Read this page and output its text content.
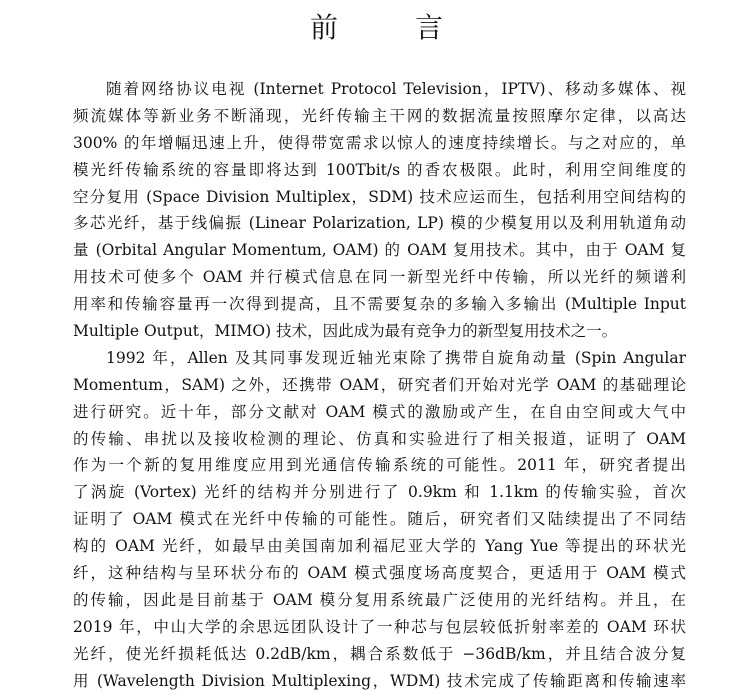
前 言
随着网络协议电视 (Internet Protocol Television，IPTV)、移动多媒体、视
频流媒体等新业务不断涌现，光纤传输主干网的数据流量按照摩尔定律，以高达
300% 的年增幅迅速上升，使得带宽需求以惊人的速度持续增长。与之对应的，单
模光纤传输系统的容量即将达到 100Tbit/s 的香农极限。此时，利用空间维度的
空分复用 (Space Division Multiplex，SDM) 技术应运而生，包括利用空间结构的
多芯光纤，基于线偏振 (Linear Polarization, LP) 模的少模复用以及利用轨道角动
量 (Orbital Angular Momentum, OAM) 的 OAM 复用技术。其中，由于 OAM 复
用技术可使多个 OAM 并行模式信息在同一新型光纤中传输，所以光纤的频谱利
用率和传输容量再一次得到提高，且不需要复杂的多输入多输出 (Multiple Input
Multiple Output，MIMO) 技术，因此成为最有竞争力的新型复用技术之一。
1992 年，Allen 及其同事发现近轴光束除了携带自旋角动量 (Spin Angular
Momentum，SAM) 之外，还携带 OAM，研究者们开始对光学 OAM 的基础理论
进行研究。近十年，部分文献对 OAM 模式的激励或产生，在自由空间或大气中
的传输、串扰以及接收检测的理论、仿真和实验进行了相关报道，证明了 OAM
作为一个新的复用维度应用到光通信传输系统的可能性。2011 年，研究者提出
了涡旋 (Vortex) 光纤的结构并分别进行了 0.9km 和 1.1km 的传输实验，首次
证明了 OAM 模式在光纤中传输的可能性。随后，研究者们又陆续提出了不同结
构的 OAM 光纤，如最早由美国南加利福尼亚大学的 Yang Yue 等提出的环状光
纤，这种结构与呈环状分布的 OAM 模式强度场高度契合，更适用于 OAM 模式
的传输，因此是目前基于 OAM 模分复用系统最广泛使用的光纤结构。并且，在
2019 年，中山大学的余思远团队设计了一种芯与包层较低折射率差的 OAM 环状
光纤，使光纤损耗低达 0.2dB/km，耦合系数低于 −36dB/km，并且结合波分复
用 (Wavelength Division Multiplexing，WDM) 技术完成了传输距离和传输速率
